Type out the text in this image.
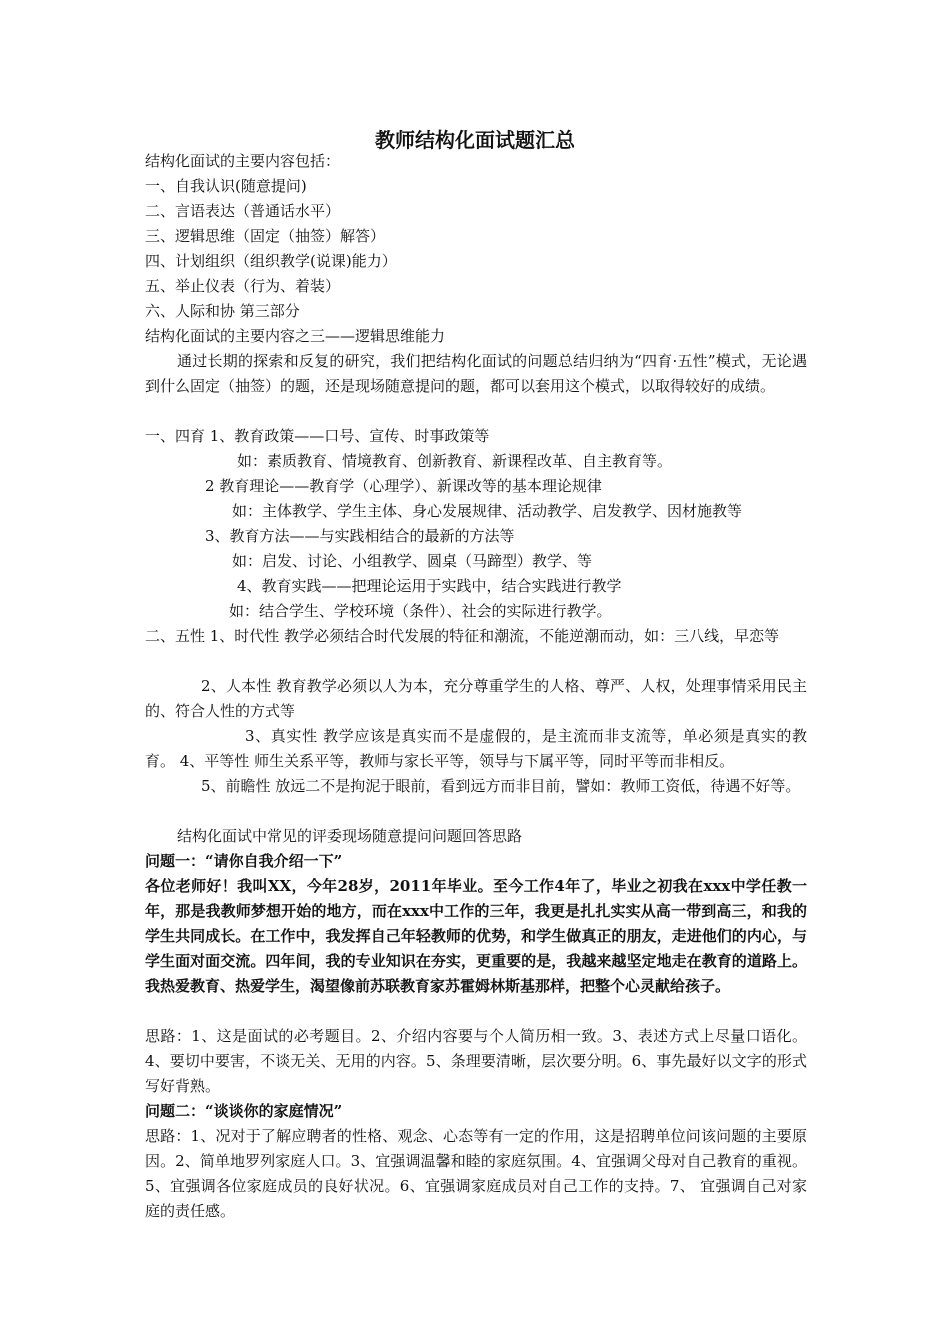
教师结构化面试题汇总
结构化面试的主要内容包括：
一、自我认识(随意提问)
二、言语表达（普通话水平）
三、逻辑思维（固定（抽签）解答）
四、计划组织（组织教学(说课)能力）
五、举止仪表（行为、着装）
六、人际和协 第三部分
结构化面试的主要内容之三——逻辑思维能力
通过长期的探索和反复的研究，我们把结构化面试的问题总结归纳为“四育·五性”模式，无论遇到什么固定（抽签）的题，还是现场随意提问的题，都可以套用这个模式，以取得较好的成绩。
一、四育 1、教育政策——口号、宣传、时事政策等
如：素质教育、情境教育、创新教育、新课程改革、自主教育等。
2 教育理论——教育学（心理学）、新课改等的基本理论规律
如：主体教学、学生主体、身心发展规律、活动教学、启发教学、因材施教等
3、教育方法——与实践相结合的最新的方法等
如：启发、讨论、小组教学、圆桌（马蹄型）教学、等
4、教育实践——把理论运用于实践中，结合实践进行教学
如：结合学生、学校环境（条件）、社会的实际进行教学。
二、五性 1、时代性 教学必须结合时代发展的特征和潮流，不能逆潮而动，如：三八线，早恋等
2、人本性 教育教学必须以人为本，充分尊重学生的人格、尊严、人权，处理事情采用民主的、符合人性的方式等
3、真实性 教学应该是真实而不是虚假的，是主流而非支流等，单必须是真实的教育。 4、平等性 师生关系平等，教师与家长平等，领导与下属平等，同时平等而非相反。
5、前瞻性 放远二不是拘泥于眼前，看到远方而非目前，譬如：教师工资低，待遇不好等。
结构化面试中常见的评委现场随意提问问题回答思路
问题一：“请你自我介绍一下”
各位老师好！我叫XX，今年28岁，2011年毕业。至今工作4年了，毕业之初我在xxx中学任教一年，那是我教师梦想开始的地方，而在xxx中工作的三年，我更是扎扎实实从高一带到高三，和我的学生共同成长。在工作中，我发挥自己年轻教师的优势，和学生做真正的朋友，走进他们的内心，与学生面对面交流。四年间，我的专业知识在夯实，更重要的是，我越来越坚定地走在教育的道路上。我热爱教育、热爱学生，渴望像前苏联教育家苏霍姆林斯基那样，把整个心灵献给孩子。
思路：1、这是面试的必考题目。2、介绍内容要与个人简历相一致。3、表述方式上尽量口语化。4、要切中要害，不谈无关、无用的内容。5、条理要清晰，层次要分明。6、事先最好以文字的形式写好背熟。
问题二：“谈谈你的家庭情况”
思路：1、况对于了解应聘者的性格、观念、心态等有一定的作用，这是招聘单位问该问题的主要原因。2、简单地罗列家庭人口。3、宜强调温馨和睦的家庭氛围。4、宜强调父母对自己教育的重视。5、宜强调各位家庭成员的良好状况。6、宜强调家庭成员对自己工作的支持。7、 宜强调自己对家庭的责任感。
